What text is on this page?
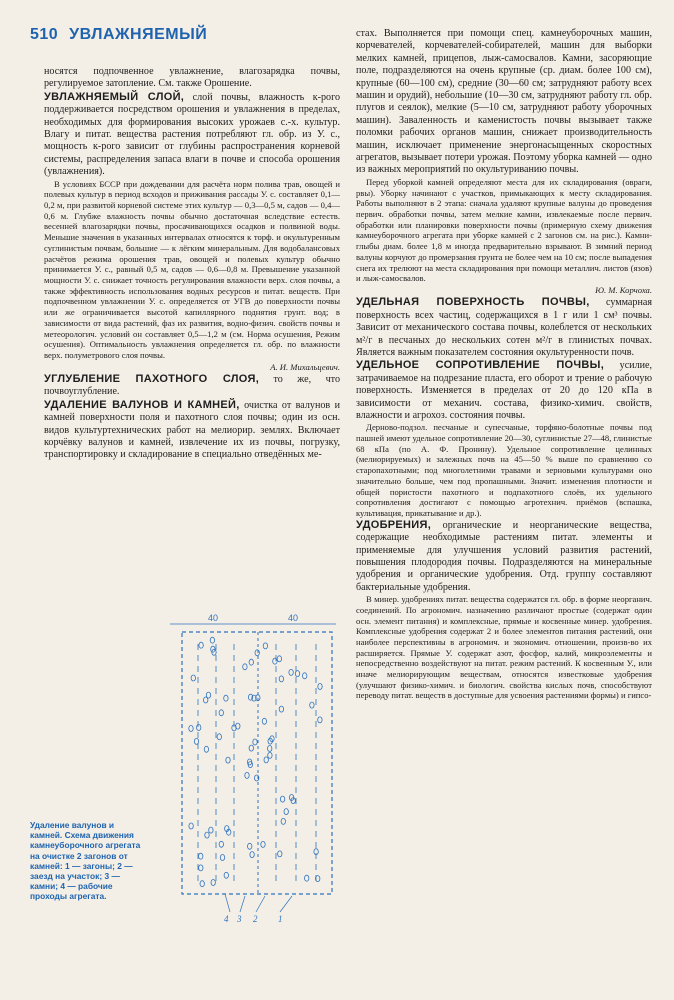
510 УВЛАЖНЯЕМЫЙ

носятся подпочвенное увлажнение, влагозарядка почвы, регулируемое затопление. См. также Орошение.

УВЛАЖНЯЕМЫЙ СЛОЙ, слой почвы, влажность к-рого поддерживается посредством орошения и увлажнения в пределах, необходимых для формирования высоких урожаев с.-х. культур. Влагу и питат. вещества растения потребляют гл. обр. из У. с., мощность к-рого зависит от глубины распространения корневой системы, распределения запаса влаги в почве и способа орошения (увлажнения).

В условиях БССР при дождевании для расчёта норм полива трав, овощей и полевых культур в период всходов и приживания рассады У. с. составляет 0,1—0,2 м, при развитой корневой системе этих культур — 0,3—0,5 м, садов — 0,4—0,6 м. Глубже влажность почвы обычно достаточная вследствие естеств. весенней влагозарядки почвы, просачивающихся осадков и полвиной воды. Меньшие значения в указанных интервалах относятся к торф. и окультуренным суглинистым почвам, большие — к лёгким минеральным. Для водобалансовых расчётов режима орошения трав, овощей и полевых культур обычно принимается У. с., равный 0,5 м, садов — 0,6—0,8 м. Превышение указанной мощности У. с. снижает точность регулирования влажности верх. слоя почвы, а также эффективность использования водных ресурсов и питат. веществ. При подпочвенном увлажнении У. с. определяется от УГВ до поверхности почвы или же ограничивается высотой капиллярного поднятия грунт. вод; в зависимости от вида растений, фаз их развития, водно-физич. свойств почвы и метеорологич. условий он составляет 0,5—1,2 м (см. Норма осушения, Режим осушения). Оптимальность увлажнения определяется гл. обр. по влажности верх. полуметрового слоя почвы.

А. И. Михальцевич.

УГЛУБЛЕНИЕ ПАХОТНОГО СЛОЯ, то же, что почвоуглубление.

УДАЛЕНИЕ ВАЛУНОВ И КАМНЕЙ, очистка от валунов и камней поверхности поля и пахотного слоя почвы; один из осн. видов культуртехнических работ на мелиорир. землях. Включает корчёвку валунов и камней, извлечение их из почвы, погрузку, транспортировку и складирование в специально отведённых ме-

40	40
4 3 2 1
Удаление валунов и камней. Схема движения камнеуборочного агрегата на очистке 2 загонов от камней: 1 — загоны; 2 — заезд на участок; 3 — камни; 4 — рабочие проходы агрегата.

стах. Выполняется при помощи спец. камнеуборочных машин, корчевателей, корчевателей-собирателей, машин для выборки мелких камней, прицепов, лыж-самосвалов. Камни, засоряющие поле, подразделяются на очень крупные (ср. диам. более 100 см), крупные (60—100 см), средние (30—60 см; затрудняют работу всех машин и орудий), небольшие (10—30 см, затрудняют работу гл. обр. плугов и сеялок), мелкие (5—10 см, затрудняют работу уборочных машин). Заваленность и каменистость почвы вызывает также поломки рабочих органов машин, снижает производительность машин, исключает применение энергонасыщенных скоростных агрегатов, вызывает потери урожая. Поэтому уборка камней — одно из важных мероприятий по окультуриванию почвы.

Перед уборкой камней определяют места для их складирования (овраги, рвы). Уборку начинают с участков, примыкающих к месту складирования. Работы выполняют в 2 этапа: сначала удаляют крупные валуны до проведения первич. обработки почвы, затем мелкие камни, извлекаемые после первич. обработки или планировки поверхности почвы (примерную схему движения камнеуборочного агрегата при уборке камней с 2 загонов см. на рис.). Камни-глыбы диам. более 1,8 м иногда предварительно взрывают. В зимний период валуны корчуют до промерзания грунта не более чем на 10 см; после выпадения снега их трелюют на места складирования при помощи металлич. листов (язов) и лыж-самосвалов.

Ю. М. Корчоха.

УДЕЛЬНАЯ ПОВЕРХНОСТЬ ПОЧВЫ, суммарная поверхность всех частиц, содержащихся в 1 г или 1 см³ почвы. Зависит от механического состава почвы, колеблется от нескольких м²/г в песчаных до нескольких сотен м²/г в глинистых почвах. Является важным показателем состояния окультуренности почв.

УДЕЛЬНОЕ СОПРОТИВЛЕНИЕ ПОЧВЫ, усилие, затрачиваемое на подрезание пласта, его оборот и трение о рабочую поверхность. Изменяется в пределах от 20 до 120 кПа в зависимости от механич. состава, физико-химич. свойств, влажности и агрохоз. состояния почвы.

Дерново-подзол. песчаные и супесчаные, торфяно-болотные почвы под пашней имеют удельное сопротивление 20—30, суглинистые 27—48, глинистые 68 кПа (по А. Ф. Пронину). Удельное сопротивление целинных (мелиорируемых) и залежных почв на 45—50 % выше по сравнению со старопахотными; под многолетними травами и зерновыми культурами оно значительно больше, чем под пропашными. Значит. изменения плотности и общей пористости пахотного и подпахотного слоёв, их удельного сопротивления достигают с помощью агротехнич. приёмов (вспашка, культивация, прикатывание и др.).

УДОБРЕНИЯ, органические и неорганические вещества, содержащие необходимые растениям питат. элементы и применяемые для улучшения условий развития растений, повышения плодородия почвы. Подразделяются на минеральные удобрения и органические удобрения. Отд. группу составляют бактериальные удобрения.

В минер. удобрениях питат. вещества содержатся гл. обр. в форме неорганич. соединений. По агрономич. назначению различают простые (содержат один осн. элемент питания) и комплексные, прямые и косвенные минер. удобрения. Комплексные удобрения содержат 2 и более элементов питания растений, они наиболее перспективны в агрономич. и экономич. отношении, произв-во их расширяется. Прямые У. содержат азот, фосфор, калий, микроэлементы и непосредственно воздействуют на питат. режим растений. К косвенным У., или иначе мелиорирующим веществам, относятся известковые удобрения (улучшают физико-химич. и биологич. свойства кислых почв, способствуют переводу питат. веществ в доступные для усвоения растениями формы) и гипсо-
